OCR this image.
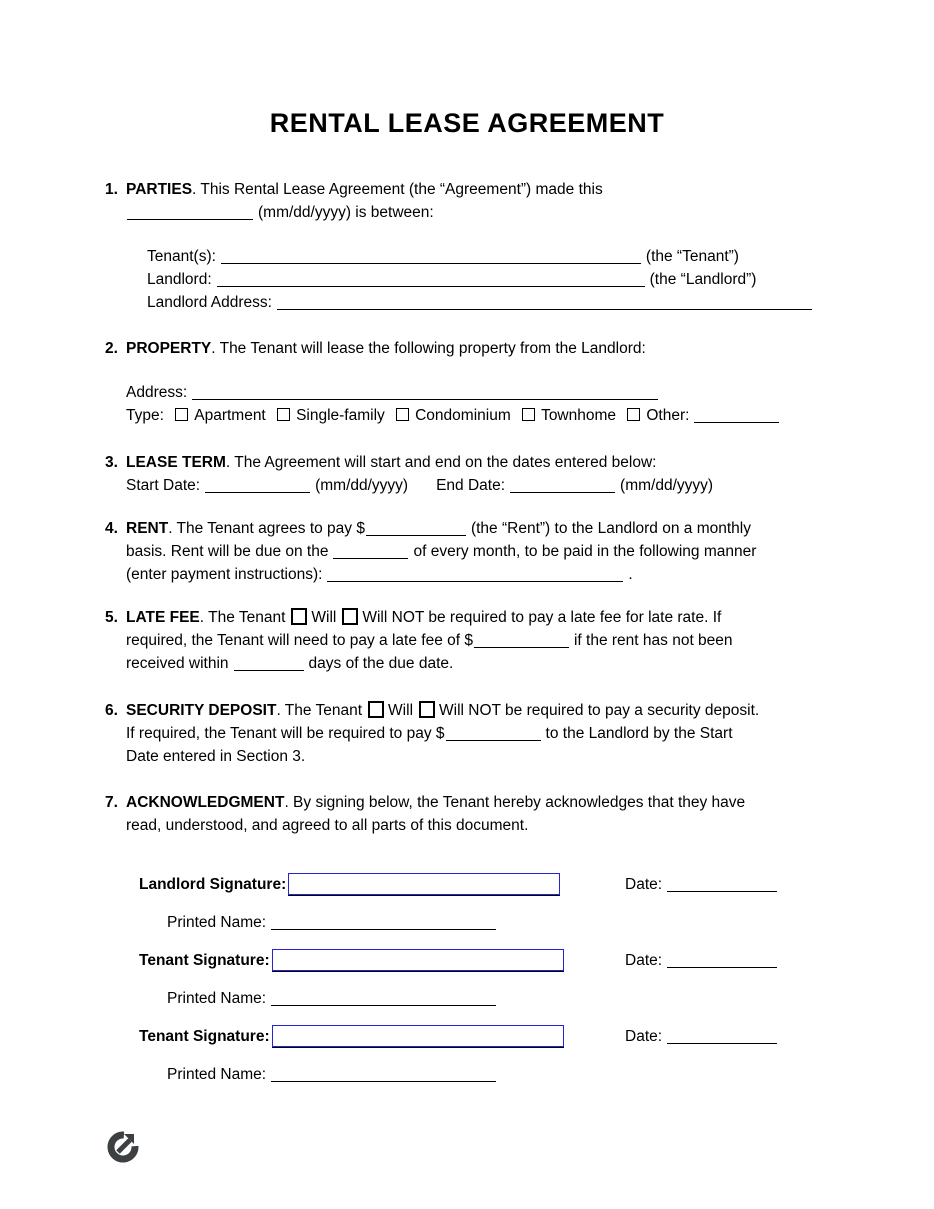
RENTAL LEASE AGREEMENT
1. PARTIES. This Rental Lease Agreement (the “Agreement”) made this
(mm/dd/yyyy) is between:
Tenant(s):	(the “Tenant”)
Landlord:	(the “Landlord”)
Landlord Address:
2. PROPERTY. The Tenant will lease the following property from the Landlord:
Address:
Type: Apartment Single-family Condominium Townhome Other:
3. LEASE TERM. The Agreement will start and end on the dates entered below:
Start Date:	(mm/dd/yyyy) End Date:	(mm/dd/yyyy)
4. RENT. The Tenant agrees to pay $	(the “Rent”) to the Landlord on a monthly
basis. Rent will be due on the	of every month, to be paid in the following manner
(enter payment instructions):	.
5. LATE FEE. The Tenant Will Will NOT be required to pay a late fee for late rate. If
required, the Tenant will need to pay a late fee of $	if the rent has not been
received within	days of the due date.
6. SECURITY DEPOSIT. The Tenant Will Will NOT be required to pay a security deposit.
If required, the Tenant will be required to pay $	to the Landlord by the Start
Date entered in Section 3.
7. ACKNOWLEDGMENT. By signing below, the Tenant hereby acknowledges that they have
read, understood, and agreed to all parts of this document.
Landlord Signature:	Date:
Printed Name:
Tenant Signature:	Date:
Printed Name:
Tenant Signature:	Date:
Printed Name:
